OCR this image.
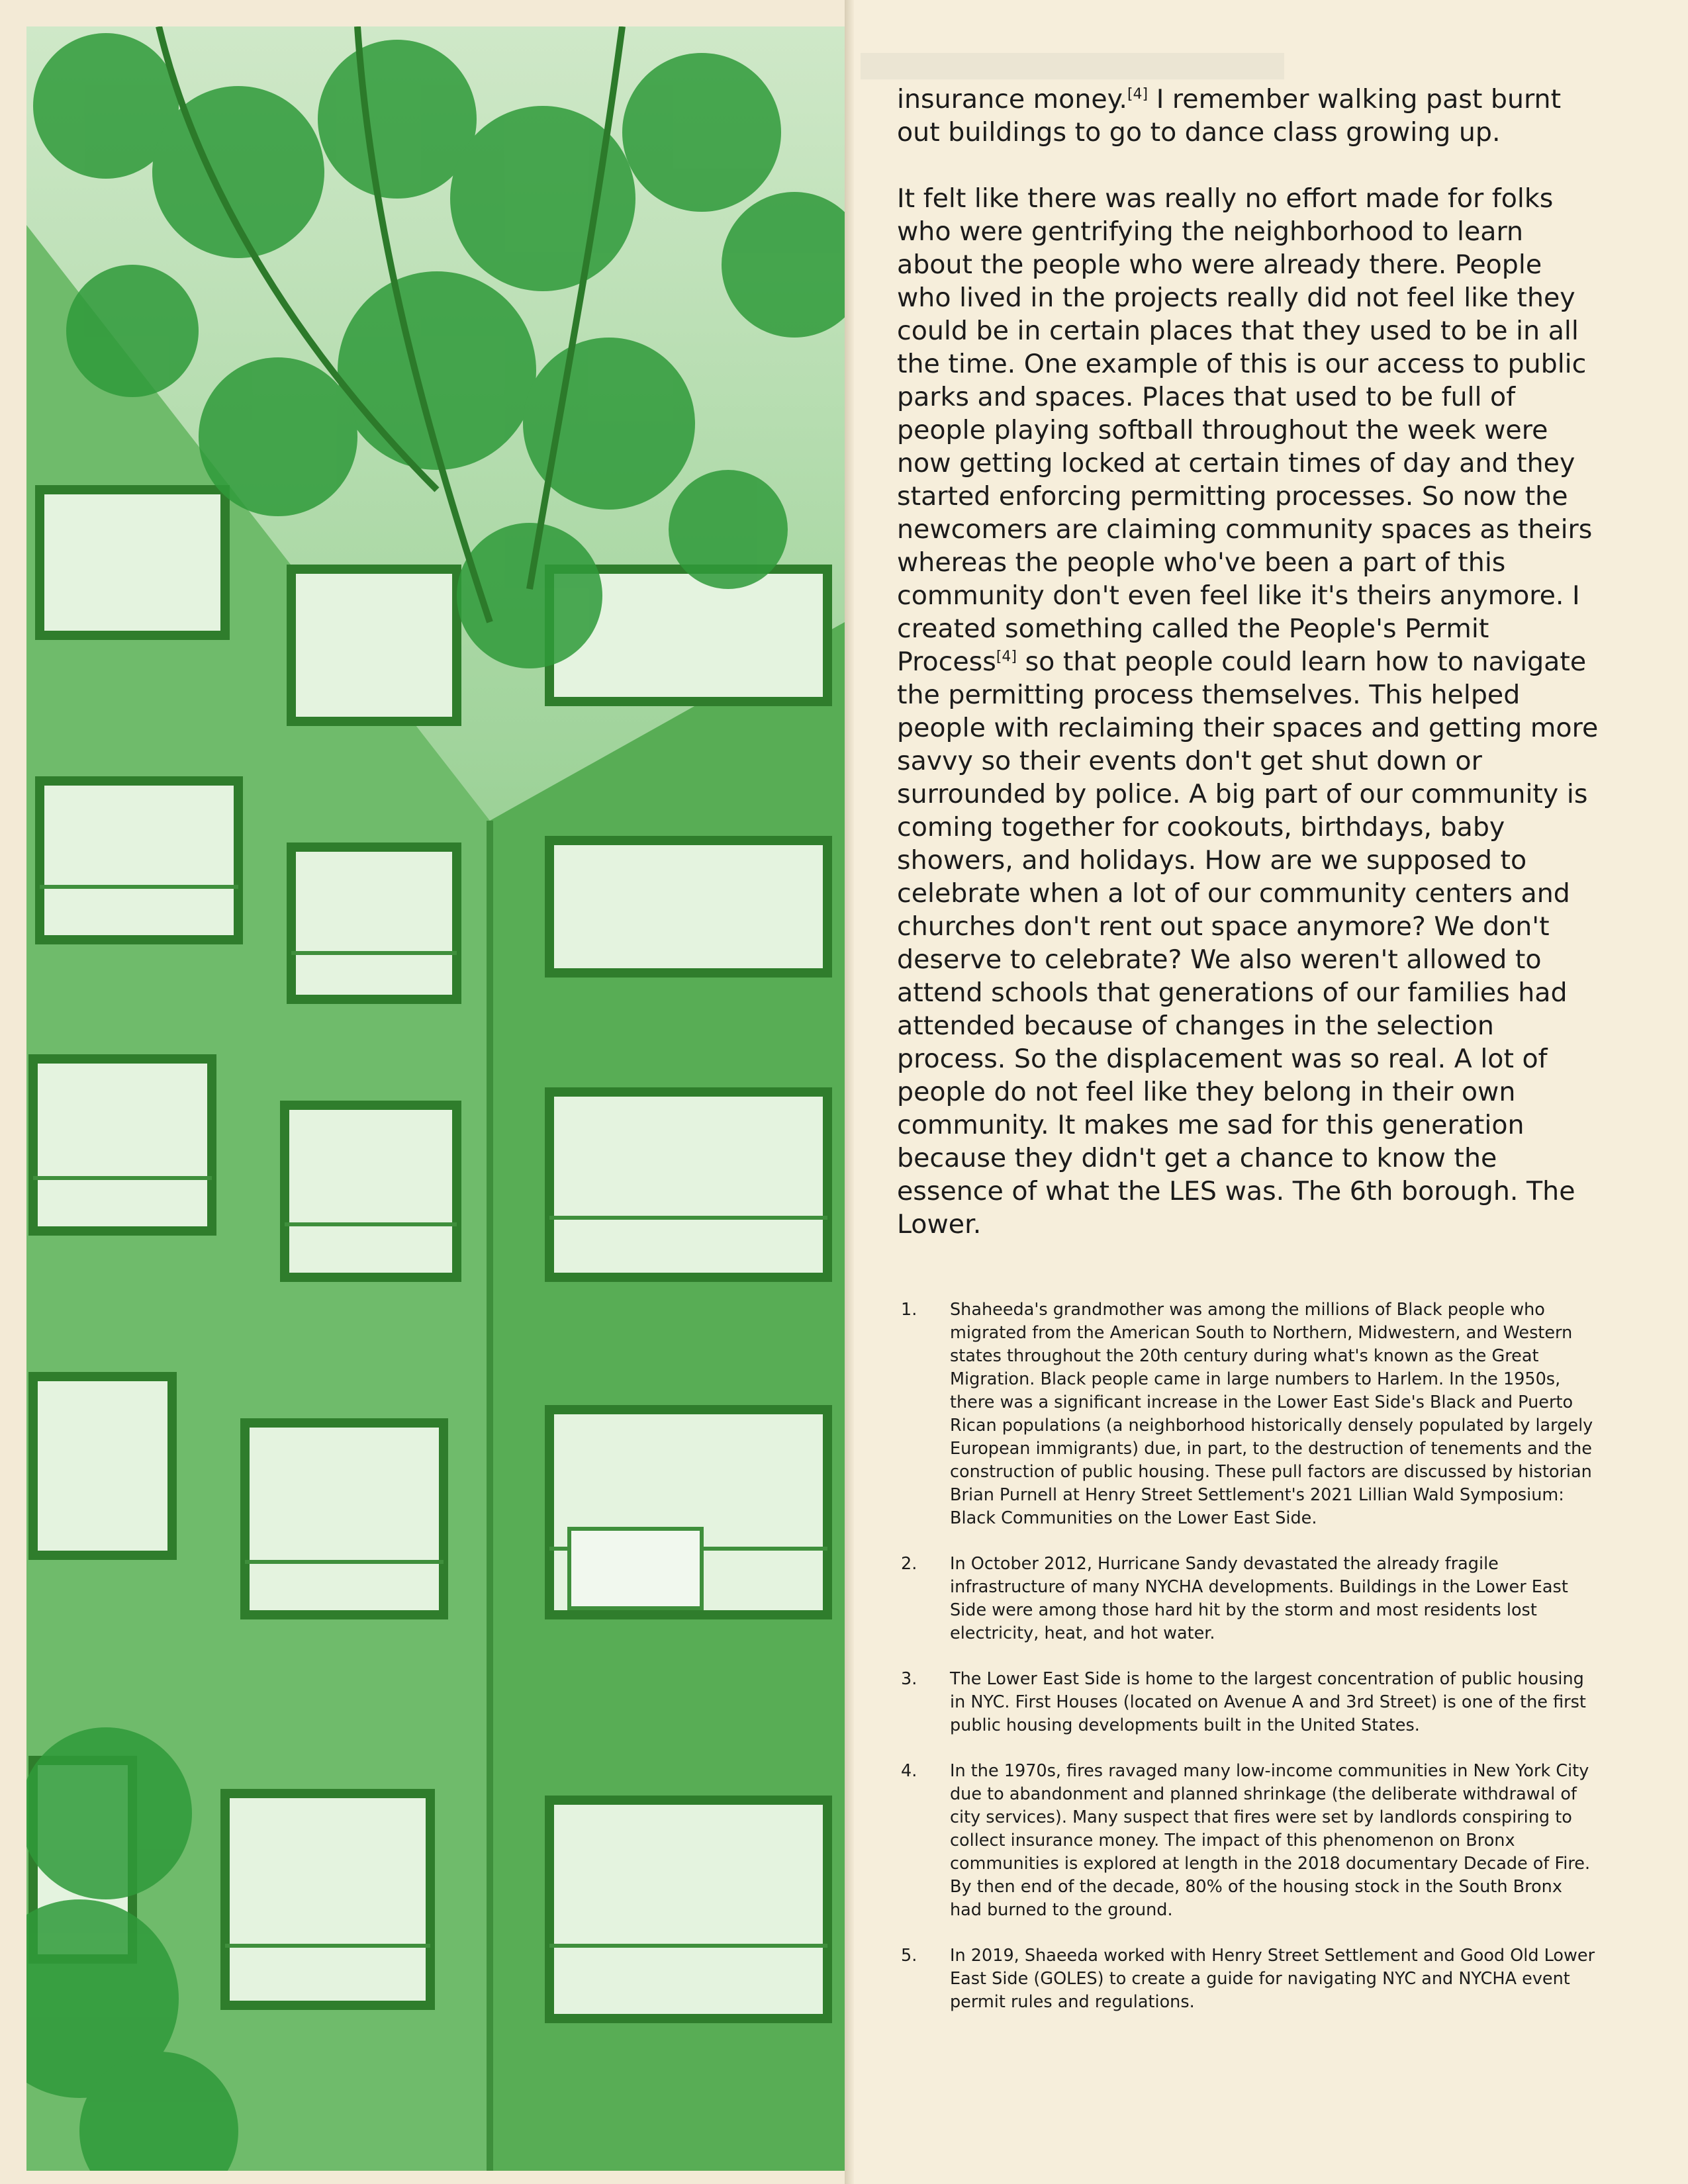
insurance money.[4] I remember walking past burnt out buildings to go to dance class growing up.

It felt like there was really no effort made for folks who were gentrifying the neighborhood to learn about the people who were already there. People who lived in the projects really did not feel like they could be in certain places that they used to be in all the time. One example of this is our access to public parks and spaces. Places that used to be full of people playing softball throughout the week were now getting locked at certain times of day and they started enforcing permitting processes. So now the newcomers are claiming community spaces as theirs whereas the people who've been a part of this community don't even feel like it's theirs anymore. I created something called the People's Permit Process[4] so that people could learn how to navigate the permitting process themselves. This helped people with reclaiming their spaces and getting more savvy so their events don't get shut down or surrounded by police. A big part of our community is coming together for cookouts, birthdays, baby showers, and holidays. How are we supposed to celebrate when a lot of our community centers and churches don't rent out space anymore? We don't deserve to celebrate? We also weren't allowed to attend schools that generations of our families had attended because of changes in the selection process. So the displacement was so real. A lot of people do not feel like they belong in their own community. It makes me sad for this generation because they didn't get a chance to know the essence of what the LES was. The 6th borough. The Lower.

1.	Shaheeda's grandmother was among the millions of Black people who migrated from the American South to Northern, Midwestern, and Western states throughout the 20th century during what's known as the Great Migration. Black people came in large numbers to Harlem. In the 1950s, there was a significant increase in the Lower East Side's Black and Puerto Rican populations (a neighborhood historically densely populated by largely European immigrants) due, in part, to the destruction of tenements and the construction of public housing. These pull factors are discussed by historian Brian Purnell at Henry Street Settlement's 2021 Lillian Wald Symposium: Black Communities on the Lower East Side.
2.	In October 2012, Hurricane Sandy devastated the already fragile infrastructure of many NYCHA developments. Buildings in the Lower East Side were among those hard hit by the storm and most residents lost electricity, heat, and hot water.
3.	The Lower East Side is home to the largest concentration of public housing in NYC. First Houses (located on Avenue A and 3rd Street) is one of the first public housing developments built in the United States.
4.	In the 1970s, fires ravaged many low-income communities in New York City due to abandonment and planned shrinkage (the deliberate withdrawal of city services). Many suspect that fires were set by landlords conspiring to collect insurance money. The impact of this phenomenon on Bronx communities is explored at length in the 2018 documentary Decade of Fire. By then end of the decade, 80% of the housing stock in the South Bronx had burned to the ground.
5.	In 2019, Shaeeda worked with Henry Street Settlement and Good Old Lower East Side (GOLES) to create a guide for navigating NYC and NYCHA event permit rules and regulations.
